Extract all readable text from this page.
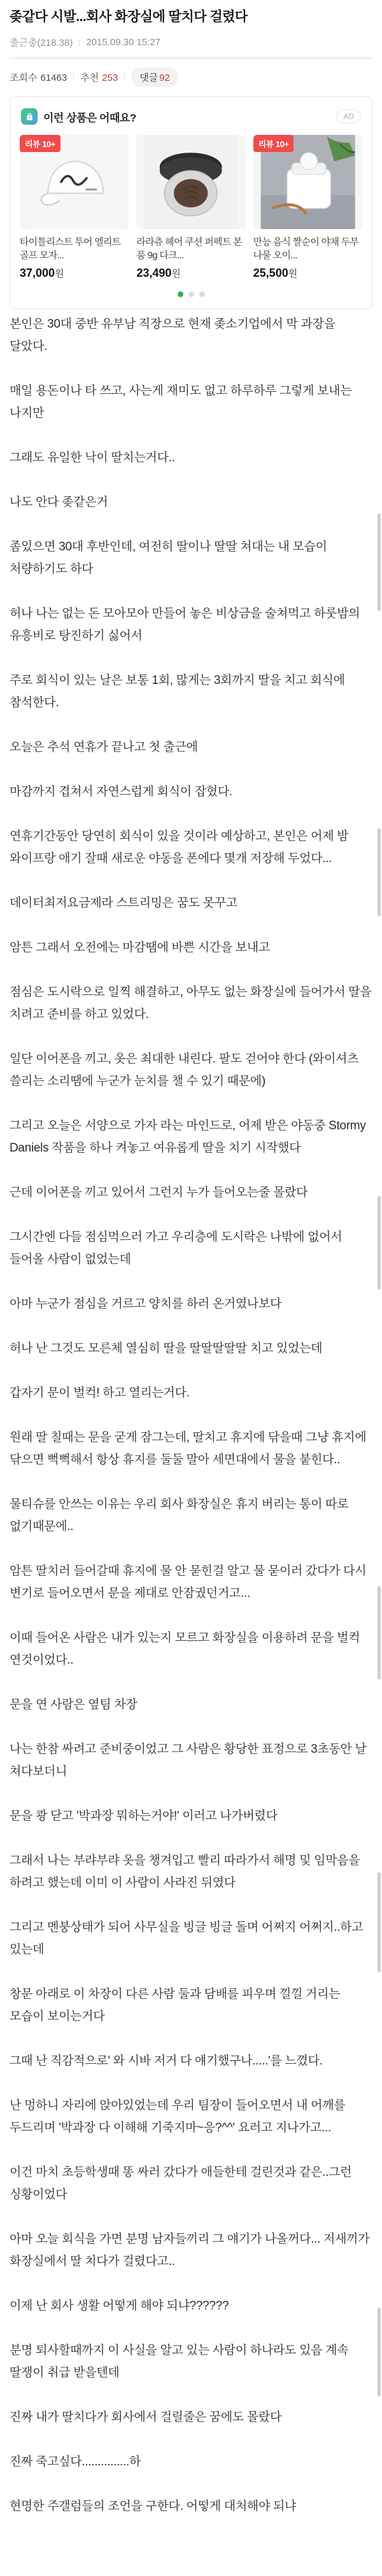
좆같다 시발...회사 화장실에 딸치다 걸렸다
출근충(218.38) 2015.09.30 15:27
조회수 61463 추천 253	댓글 92
이런 상품은 어때요?	AD
리뷰 10+
타이틀리스트 투어 엘리트 골프 모자...
37,000원
라라츄 헤어 쿠션 퍼펙트 본품 9g 다크...
23,490원
리뷰 10+
만능 음식 짤순이 야채 두부 나물 오이...
25,500원

본인은 30대 중반 유부남 직장으로 현재 좆소기업에서 막 과장을 달았다.

매일 용돈이나 타 쓰고, 사는게 재미도 없고 하루하루 그렇게 보내는 나지만

그래도 유일한 낙이 딸치는거다..

나도 안다 좆같은거

좀있으면 30대 후반인데, 여전히 딸이나 딸딸 쳐대는 내 모습이 처량하기도 하다

허나 나는 없는 돈 모아모아 만들어 놓은 비상금을 술쳐먹고 하룻밤의 유흥비로 탕진하기 싫어서

주로 회식이 있는 날은 보통 1회, 많게는 3회까지 딸을 치고 회식에 참석한다.

오늘은 추석 연휴가 끝나고 첫 출근에

마감까지 겹쳐서 자연스럽게 회식이 잡혔다.

연휴기간동안 당연히 회식이 있을 것이라 예상하고, 본인은 어제 밤 와이프랑 애기 잘때 새로운 야동을 폰에다 몇개 저장해 두었다...

데이터최저요금제라 스트리밍은 꿈도 못꾸고

암튼 그래서 오전에는 마감땜에 바쁜 시간을 보내고

점심은 도시락으로 일찍 해결하고, 아무도 없는 화장실에 들어가서 딸을 치려고 준비를 하고 있었다.

일단 이어폰을 끼고, 옷은 최대한 내린다. 팔도 걷어야 한다 (와이셔츠 쓸리는 소리땜에 누군가 눈치를 챌 수 있기 때문에)

그리고 오늘은 서양으로 가자 라는 마인드로, 어제 받은 야동중 Stormy Daniels 작품을 하나 켜놓고 여유롭게 딸을 치기 시작했다

근데 이어폰을 끼고 있어서 그런지 누가 들어오는줄 몰랐다

그시간엔 다들 점심먹으러 가고 우리층에 도시락은 나밖에 없어서 들어올 사람이 없었는데

아마 누군가 점심을 거르고 양치를 하러 온거였나보다

허나 난 그것도 모른체 열심히 딸을 딸딸딸딸딸 치고 있었는데

갑자기 문이 벌컥! 하고 열리는거다.

원래 딸 칠때는 문을 굳게 잠그는데, 딸치고 휴지에 닦을때 그냥 휴지에 닦으면 뻑뻑해서 항상 휴지를 둘둘 말아 세면대에서 물을 붙힌다..

물티슈를 안쓰는 이유는 우리 회사 화장실은 휴지 버리는 통이 따로 없기때문에..

암튼 딸치러 들어갈때 휴지에 물 안 묻힌걸 알고 물 묻이러 갔다가 다시 변기로 들어오면서 문을 제대로 안잠궜던거고...

이때 들어온 사람은 내가 있는지 모르고 화장실을 이용하려 문을 벌컥 연것이었다..

문을 연 사람은 옆팀 차장

나는 한참 싸려고 준비중이었고 그 사람은 황당한 표정으로 3초동안 날 쳐다보더니

문을 쾅 닫고 '박과장 뭐하는거야!' 이러고 나가버렸다

그래서 나는 부랴부랴 옷을 챙겨입고 빨리 따라가서 해명 및 임막음을 하려고 했는데 이미 이 사람이 사라진 뒤였다

그리고 멘붕상태가 되어 사무실을 빙글 빙글 돌며 어쩌지 어쩌지..하고 있는데

창문 아래로 이 차장이 다른 사람 둘과 담배를 피우며 낄낄 거리는 모습이 보이는거다

그때 난 직감적으로' 와 시바 저거 다 얘기했구나.....'를 느꼈다.

난 멍하니 자리에 앉아있었는데 우리 팀장이 들어오면서 내 어깨를 두드리며 '박과장 다 이해해 기죽지마~응?^^' 요러고 지나가고...

이건 마치 초등학생때 똥 싸러 갔다가 애들한테 걸린것과 같은..그런 싱황이었다

아마 오늘 회식을 가면 분명 남자들끼리 그 얘기가 나올꺼다... 저새끼가 화장실에서 딸 치다가 걸렸다고..

이제 난 회사 생활 어떻게 해야 되냐??????

분명 퇴사할때까지 이 사실을 알고 있는 사람이 하나라도 있음 계속 딸쟁이 취급 받을텐데

진짜 내가 딸치다가 회사에서 걸릴줄은 꿈에도 몰랐다

진짜 죽고싶다...............하

현명한 주갤럼들의 조언을 구한다. 어떻게 대처해야 되냐
